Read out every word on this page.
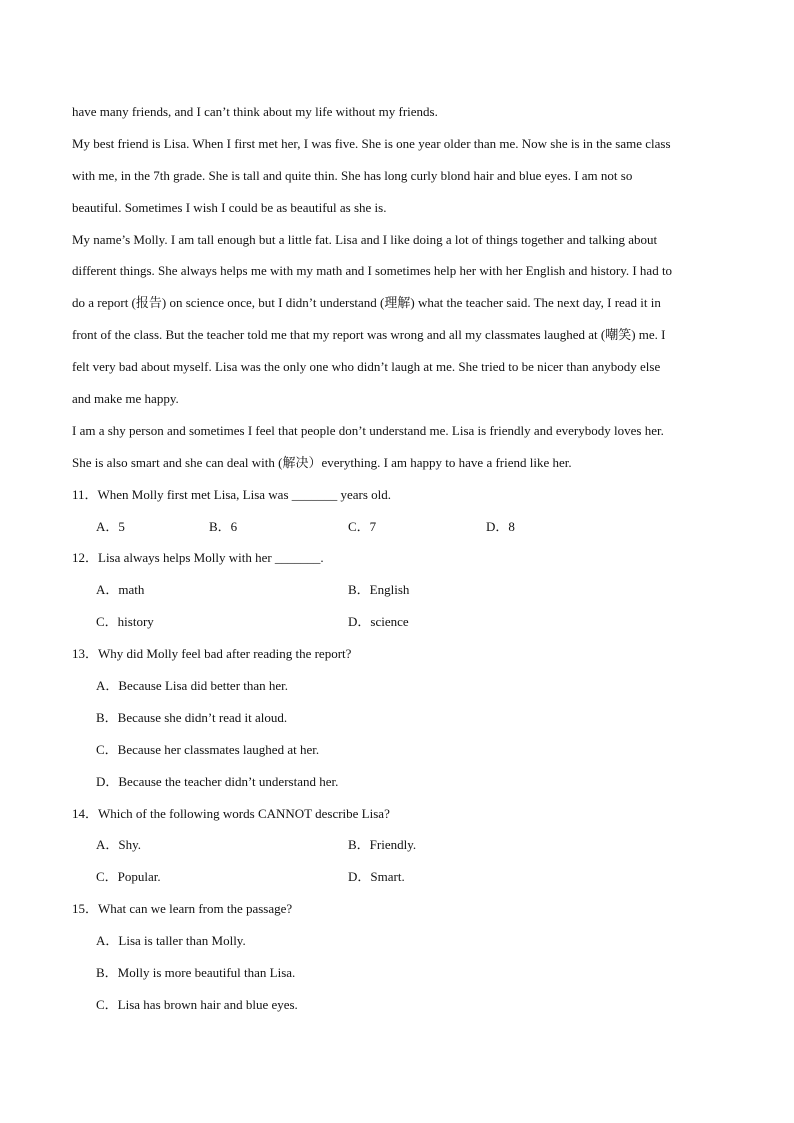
have many friends, and I can’t think about my life without my friends.
My best friend is Lisa. When I first met her, I was five. She is one year older than me. Now she is in the same class
with me, in the 7th grade. She is tall and quite thin. She has long curly blond hair and blue eyes. I am not so
beautiful. Sometimes I wish I could be as beautiful as she is.
My name’s Molly. I am tall enough but a little fat. Lisa and I like doing a lot of things together and talking about
different things. She always helps me with my math and I sometimes help her with her English and history. I had to
do a report (报告) on science once, but I didn’t understand (理解) what the teacher said. The next day, I read it in
front of the class. But the teacher told me that my report was wrong and all my classmates laughed at (嘲笑) me. I
felt very bad about myself. Lisa was the only one who didn’t laugh at me. She tried to be nicer than anybody else
and make me happy.
I am a shy person and sometimes I feel that people don’t understand me. Lisa is friendly and everybody loves her.
She is also smart and she can deal with (解决）everything. I am happy to have a friend like her.
11．When Molly first met Lisa, Lisa was _______ years old.
A．5	B．6	C．7	D．8
12．Lisa always helps Molly with her _______.
A．math	B．English
C．history	D．science
13．Why did Molly feel bad after reading the report?
A．Because Lisa did better than her.
B．Because she didn’t read it aloud.
C．Because her classmates laughed at her.
D．Because the teacher didn’t understand her.
14．Which of the following words CANNOT describe Lisa?
A．Shy.	B．Friendly.
C．Popular.	D．Smart.
15．What can we learn from the passage?
A．Lisa is taller than Molly.
B．Molly is more beautiful than Lisa.
C．Lisa has brown hair and blue eyes.
